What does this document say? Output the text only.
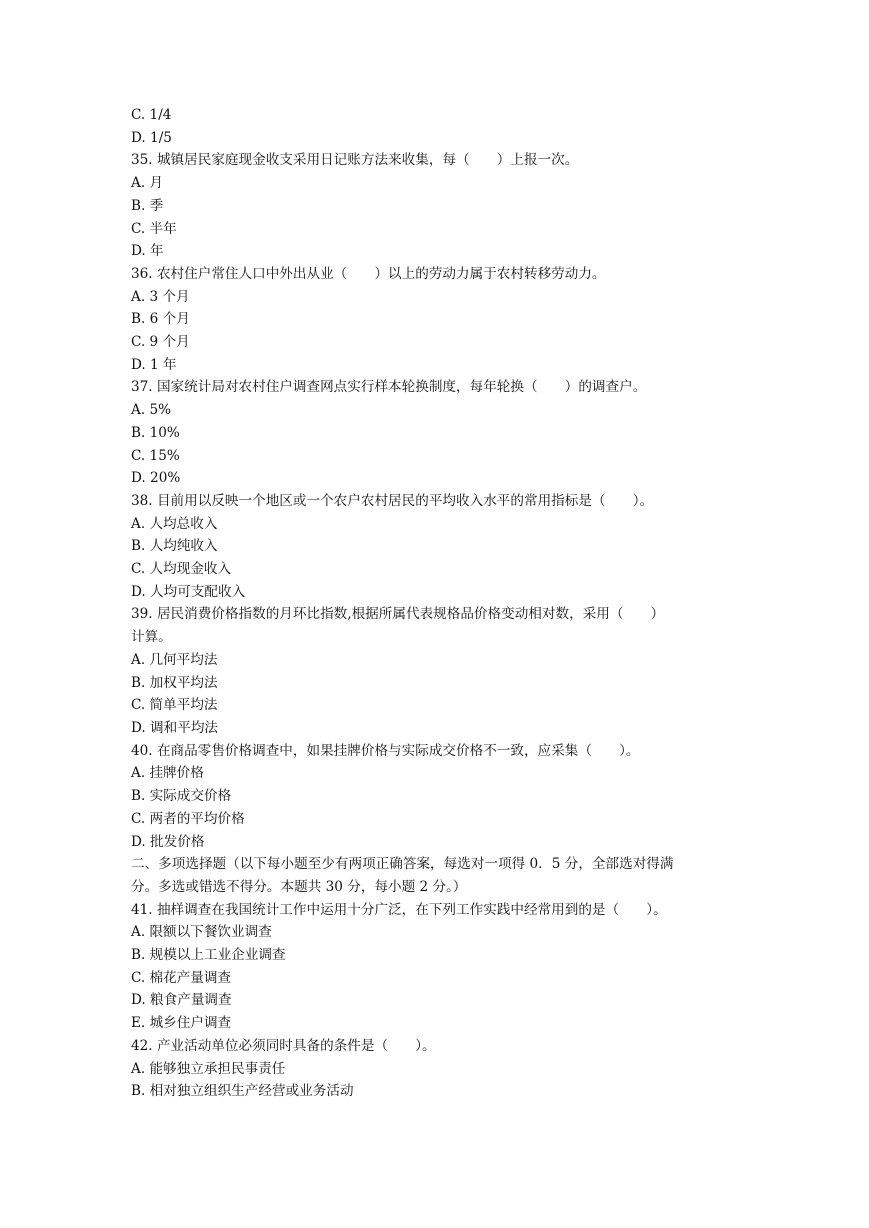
C. 1/4

D. 1/5

35. 城镇居民家庭现金收支采用日记账方法来收集，每（　　）上报一次。

A. 月

B. 季

C. 半年

D. 年

36. 农村住户常住人口中外出从业（　　）以上的劳动力属于农村转移劳动力。

A. 3 个月

B. 6 个月

C. 9 个月

D. 1 年

37. 国家统计局对农村住户调查网点实行样本轮换制度，每年轮换（　　）的调查户。

A. 5%

B. 10%

C. 15%

D. 20%

38. 目前用以反映一个地区或一个农户农村居民的平均收入水平的常用指标是（　　）。

A. 人均总收入

B. 人均纯收入

C. 人均现金收入

D. 人均可支配收入

39. 居民消费价格指数的月环比指数,根据所属代表规格品价格变动相对数，采用（　　）

计算。

A. 几何平均法

B. 加权平均法

C. 简单平均法

D. 调和平均法

40. 在商品零售价格调查中，如果挂牌价格与实际成交价格不一致，应采集（　　）。

A. 挂牌价格

B. 实际成交价格

C. 两者的平均价格

D. 批发价格

二、多项选择题（以下每小题至少有两项正确答案，每选对一项得 0．5 分，全部选对得满

分。多选或错选不得分。本题共 30 分，每小题 2 分。）

41. 抽样调查在我国统计工作中运用十分广泛，在下列工作实践中经常用到的是（　　）。

A. 限额以下餐饮业调查

B. 规模以上工业企业调查

C. 棉花产量调查

D. 粮食产量调查

E. 城乡住户调查

42. 产业活动单位必须同时具备的条件是（　　）。

A. 能够独立承担民事责任

B. 相对独立组织生产经营或业务活动
